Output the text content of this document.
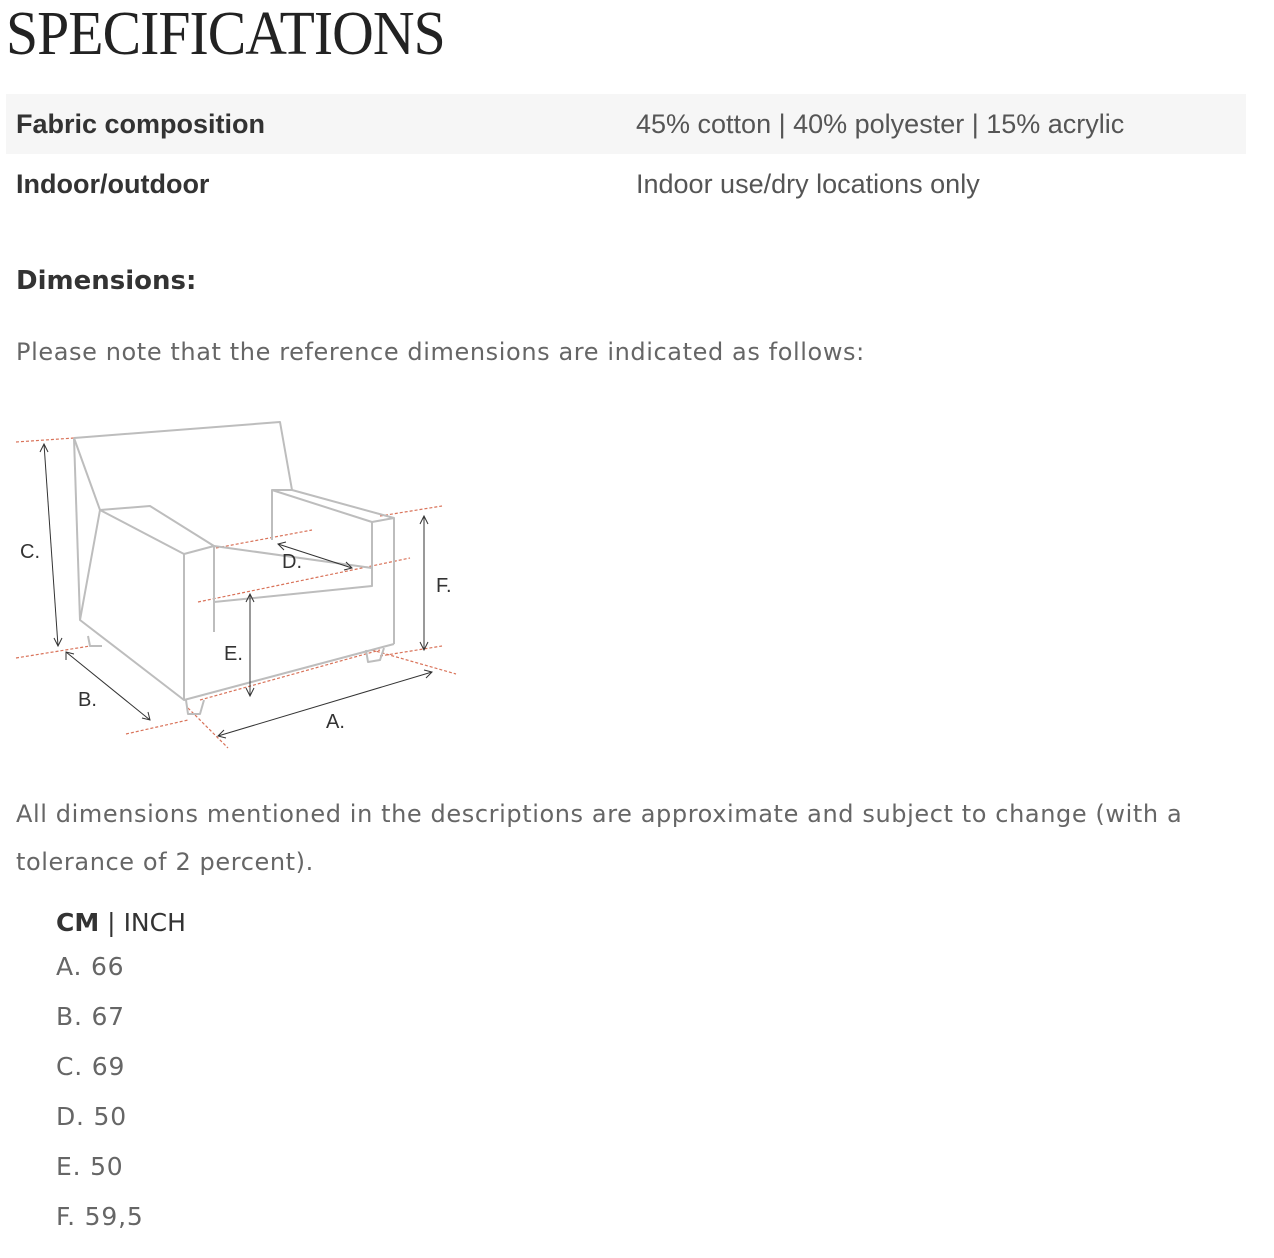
SPECIFICATIONS
Fabric composition	45% cotton | 40% polyester | 15% acrylic
Indoor/outdoor	Indoor use/dry locations only
Dimensions:

Please note that the reference dimensions are indicated as follows:

C.
B.
A.
D.
E.
F.

All dimensions mentioned in the descriptions are approximate and subject to change (with a tolerance of 2 percent).

CM | INCH
A. 66
B. 67
C. 69
D. 50
E. 50
F. 59,5
